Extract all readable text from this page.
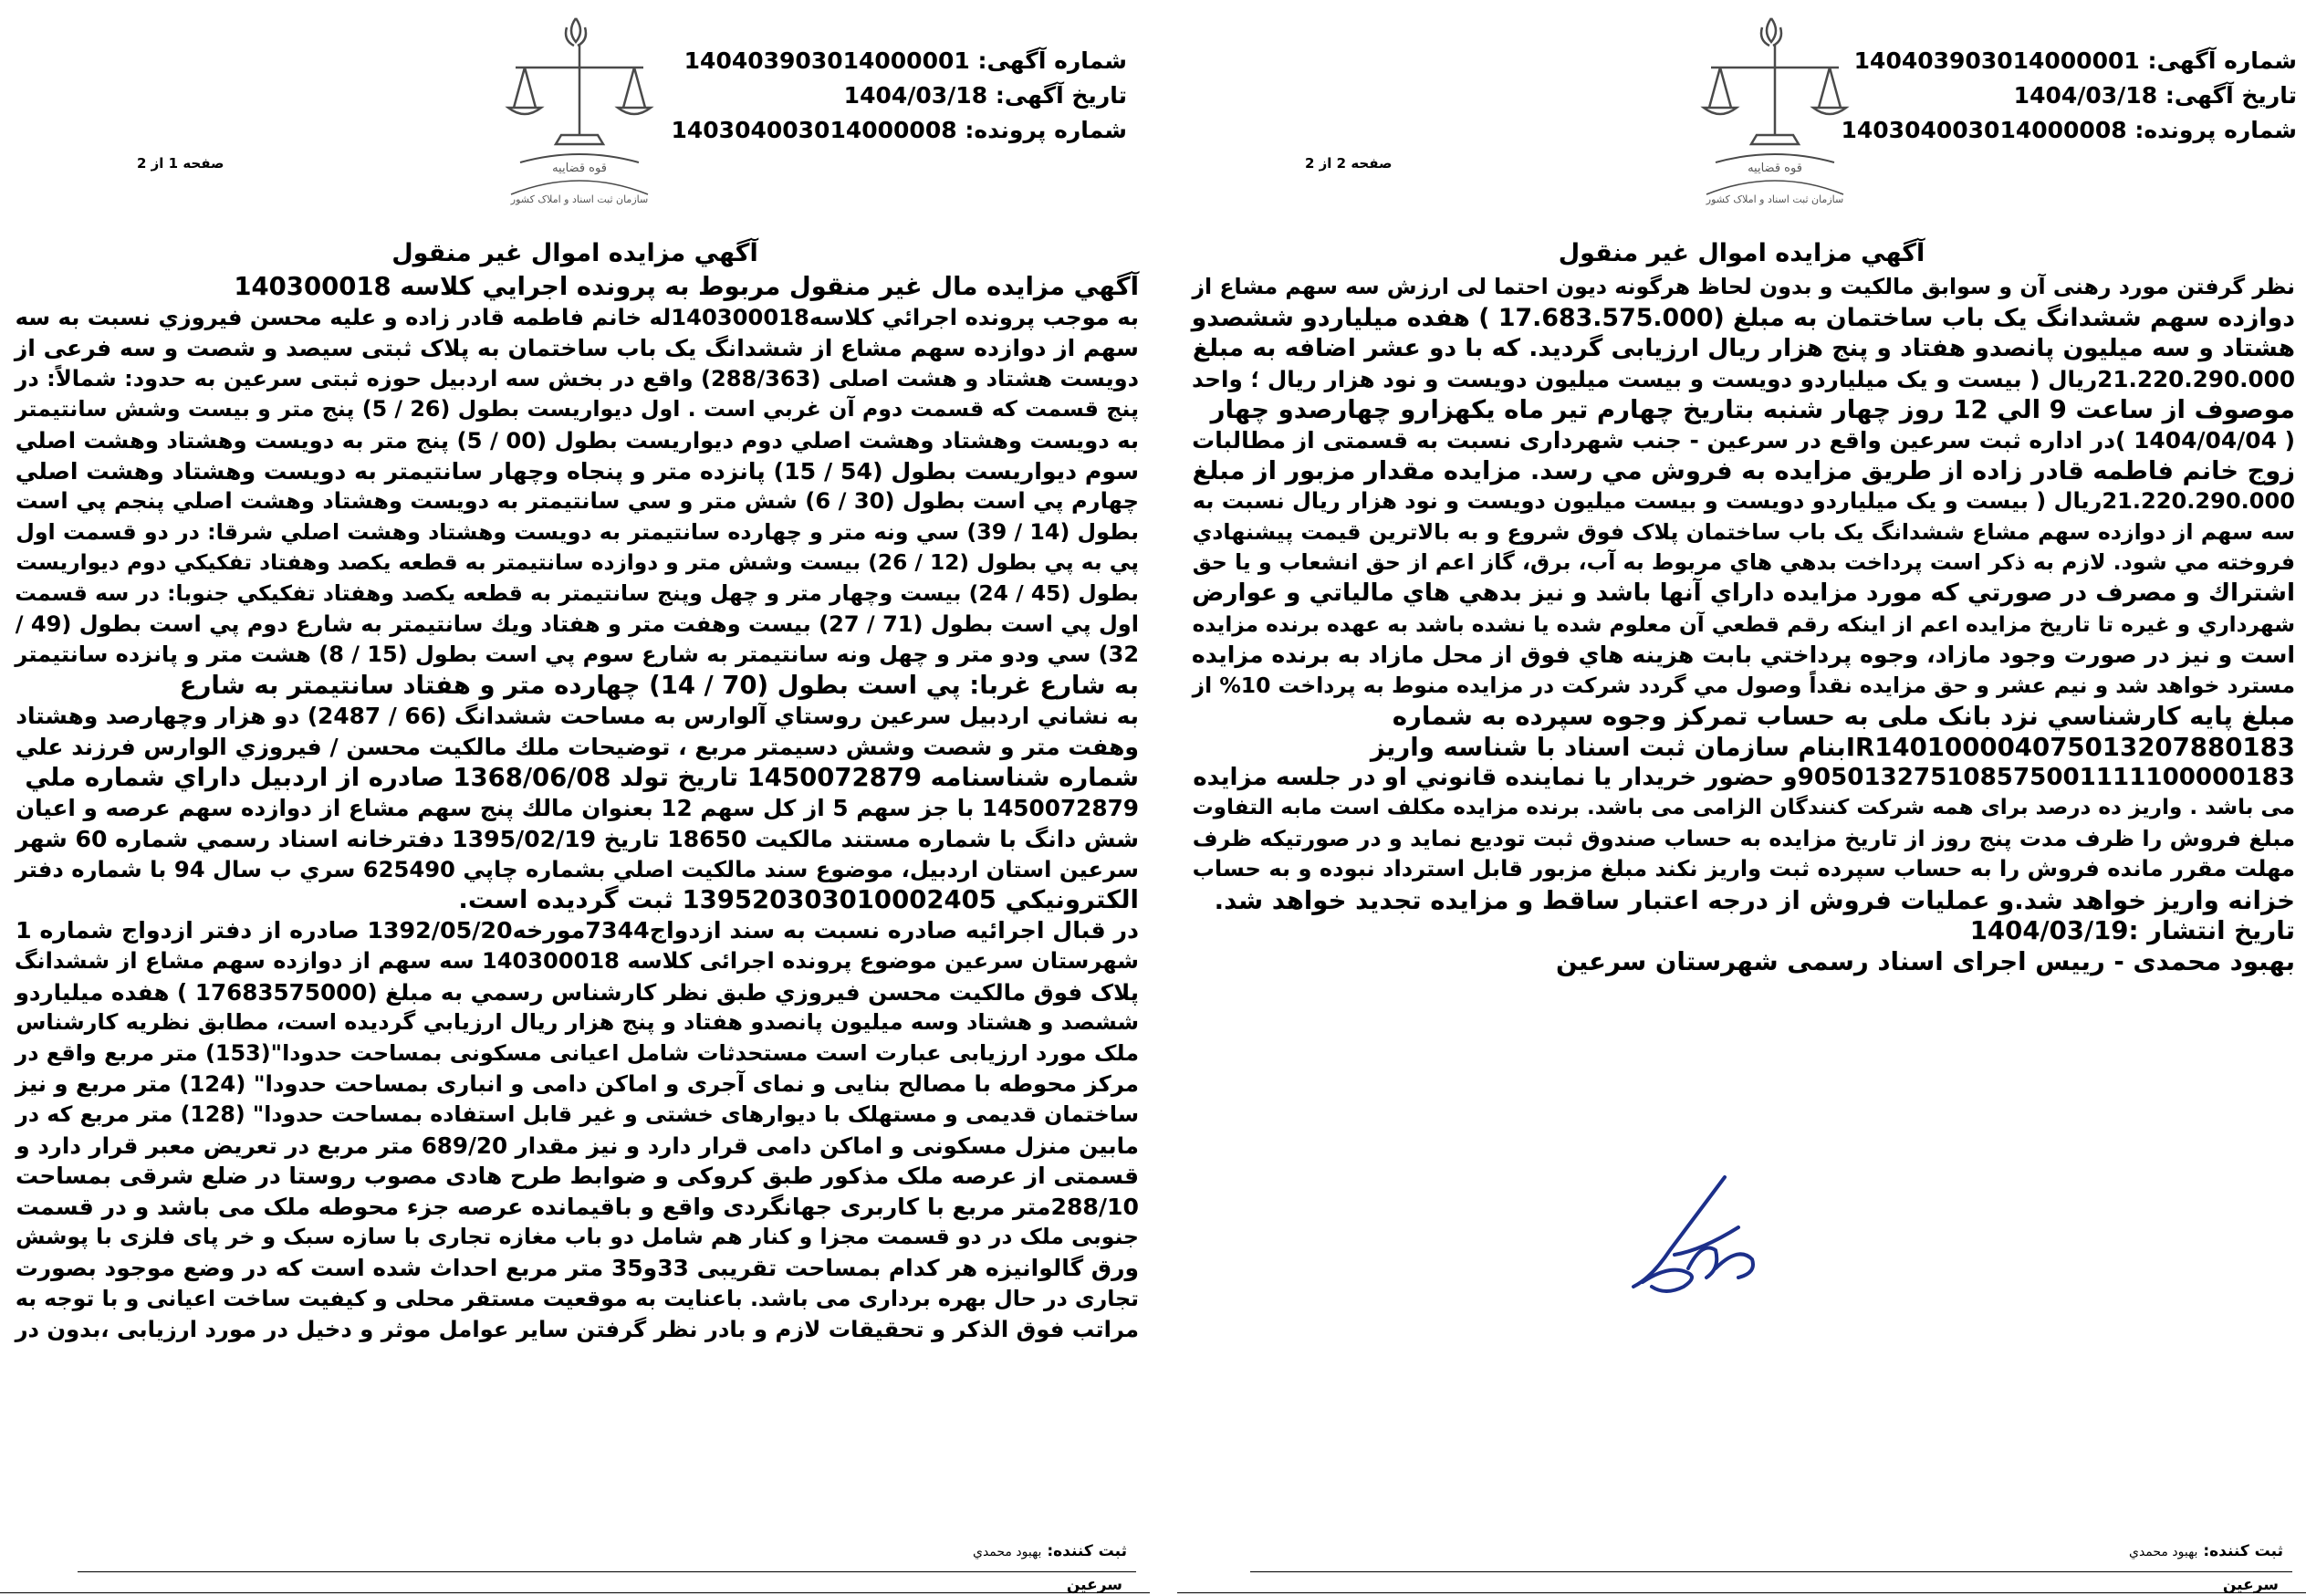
شماره آگهی: 140403903014000001
تاریخ آگهی: 1404/03/18
شماره پرونده: 140304003014000008
قوه قضاییه
سازمان ثبت اسناد و املاک کشور
صفحه 1 از 2
آگهي مزايده اموال غير منقول
آگهي مزايده مال غير منقول مربوط به پرونده اجرايي كلاسه 140300018
به موجب پرونده اجرائي كلاسه140300018له خانم فاطمه قادر زاده و عليه محسن فيروزي نسبت به سه
سهم از دوازده سهم مشاع از ششدانگ یک باب ساختمان به پلاک ثبتی سیصد و شصت و سه فرعی از
دویست هشتاد و هشت اصلی (288/363) واقع در بخش سه اردبیل حوزه ثبتی سرعین به حدود: شمالاً: در
پنج قسمت كه قسمت دوم آن غربي است . اول ديواريست بطول (26 / 5) پنج متر و بيست وشش سانتيمتر
به دويست وهشتاد وهشت اصلي دوم ديواريست بطول (00 / 5) پنج متر به دويست وهشتاد وهشت اصلي
سوم ديواريست بطول (54 / 15) پانزده متر و پنجاه وچهار سانتيمتر به دويست وهشتاد وهشت اصلي
چهارم پي است بطول (30 / 6) شش متر و سي سانتيمتر به دويست وهشتاد وهشت اصلي پنجم پي است
بطول (14 / 39) سي ونه متر و چهارده سانتيمتر به دويست وهشتاد وهشت اصلي شرقا: در دو قسمت اول
پي به پي بطول (12 / 26) بيست وشش متر و دوازده سانتيمتر به قطعه يكصد وهفتاد تفكيكي دوم ديواريست
بطول (45 / 24) بيست وچهار متر و چهل وپنج سانتيمتر به قطعه يكصد وهفتاد تفكيكي جنوبا: در سه قسمت
اول پي است بطول (71 / 27) بيست وهفت متر و هفتاد ويك سانتيمتر به شارع دوم پي است بطول (49 /
32) سي ودو متر و چهل ونه سانتيمتر به شارع سوم پي است بطول (15 / 8) هشت متر و پانزده سانتيمتر
به شارع غربا: پي است بطول (70 / 14) چهارده متر و هفتاد سانتيمتر به شارع
به نشاني اردبيل سرعين روستاي آلوارس به مساحت ششدانگ (66 / 2487) دو هزار وچهارصد وهشتاد
وهفت متر و شصت وشش دسيمتر مربع ، توضيحات ملك مالكيت محسن / فيروزي الوارس فرزند علي
شماره شناسنامه 1450072879 تاريخ تولد 1368/06/08 صادره از اردبيل داراي شماره ملي
1450072879 با جز سهم 5 از كل سهم 12 بعنوان مالك پنج سهم مشاع از دوازده سهم عرصه و اعيان
شش دانگ با شماره مستند مالكيت 18650 تاريخ 1395/02/19 دفترخانه اسناد رسمي شماره 60 شهر
سرعين استان اردبيل، موضوع سند مالكيت اصلي بشماره چاپي 625490 سري ب سال 94 با شماره دفتر
الكترونيكي 139520303010002405 ثبت گرديده است.
در قبال اجرائيه صادره نسبت به سند ازدواج7344مورخه1392/05/20 صادره از دفتر ازدواج شماره 1
شهرستان سرعين موضوع پرونده اجرائی كلاسه 140300018 سه سهم از دوازده سهم مشاع از ششدانگ
پلاک فوق مالكيت محسن فيروزي طبق نظر كارشناس رسمي به مبلغ (17683575000 ) هفده ميلياردو
ششصد و هشتاد وسه ميليون پانصدو هفتاد و پنج هزار ريال ارزيابي گرديده است، مطابق نظريه كارشناس
ملک مورد ارزيابی عبارت است مستحدثات شامل اعيانی مسكونی بمساحت حدودا"(153) متر مربع واقع در
مرکز محوطه با مصالح بنايی و نمای آجری و اماكن دامی و انباری بمساحت حدودا" (124) متر مربع و نيز
ساختمان قديمی و مستهلک با ديوارهای خشتی و غير قابل استفاده بمساحت حدودا" (128) متر مربع كه در
مابين منزل مسكونی و اماكن دامی قرار دارد و نيز مقدار 689/20 متر مربع در تعريض معبر قرار دارد و
قسمتی از عرصه ملک مذكور طبق كروكی و ضوابط طرح هادی مصوب روستا در ضلع شرقی بمساحت
288/10متر مربع با كاربری جهانگردی واقع و باقيمانده عرصه جزء محوطه ملک می باشد و در قسمت
جنوبی ملک در دو قسمت مجزا و كنار هم شامل دو باب مغازه تجاری با سازه سبک و خر پای فلزی با پوشش
ورق گالوانيزه هر كدام بمساحت تقريبی 33و35 متر مربع احداث شده است كه در وضع موجود بصورت
تجاری در حال بهره برداری می باشد. باعنايت به موقعيت مستقر محلی و كيفيت ساخت اعيانی و با توجه به
مراتب فوق الذكر و تحقيقات لازم و بادر نظر گرفتن ساير عوامل موثر و دخيل در مورد ارزيابی ،بدون در
ثبت کننده: بهبود محمدي
سرعين
شماره آگهی: 140403903014000001
تاریخ آگهی: 1404/03/18
شماره پرونده: 140304003014000008
قوه قضاییه
سازمان ثبت اسناد و املاک کشور
صفحه 2 از 2
آگهي مزايده اموال غير منقول
نظر گرفتن مورد رهنی آن و سوابق مالكيت و بدون لحاظ هرگونه ديون احتما لی ارزش سه سهم مشاع از
دوازده سهم ششدانگ يک باب ساختمان به مبلغ (17.683.575.000 ) هفده ميلياردو ششصدو
هشتاد و سه ميليون پانصدو هفتاد و پنج هزار ريال ارزيابی گرديد. كه با دو عشر اضافه به مبلغ
21.220.290.000ريال ( بيست و يک ميلياردو دويست و بيست ميليون دويست و نود هزار ريال ؛ واحد
موصوف از ساعت 9 الي 12 روز چهار شنبه بتاريخ چهارم تير ماه يكهزارو چهارصدو چهار
( 1404/04/04 )در اداره ثبت سرعين واقع در سرعين - جنب شهرداری نسبت به قسمتی از مطالبات
زوج خانم فاطمه قادر زاده از طريق مزايده به فروش مي رسد. مزايده مقدار مزبور از مبلغ
21.220.290.000ريال ( بيست و يک ميلياردو دويست و بيست ميليون دويست و نود هزار ريال نسبت به
سه سهم از دوازده سهم مشاع ششدانگ يک باب ساختمان پلاک فوق شروع و به بالاترين قيمت پيشنهادي
فروخته مي شود. لازم به ذكر است پرداخت بدهي هاي مربوط به آب، برق، گاز اعم از حق انشعاب و يا حق
اشتراك و مصرف در صورتي كه مورد مزايده داراي آنها باشد و نيز بدهي هاي مالياتي و عوارض
شهرداري و غيره تا تاريخ مزايده اعم از اينكه رقم قطعي آن معلوم شده يا نشده باشد به عهده برنده مزايده
است و نيز در صورت وجود مازاد، وجوه پرداختي بابت هزينه هاي فوق از محل مازاد به برنده مزايده
مسترد خواهد شد و نيم عشر و حق مزايده نقداً وصول مي گردد شركت در مزايده منوط به پرداخت 10% از
مبلغ پايه كارشناسي نزد بانک ملی به حساب تمركز وجوه سپرده به شماره
IR140100004075013207880183بنام سازمان ثبت اسناد با شناسه واريز
905013275108575001111100000183و حضور خريدار يا نماينده قانوني او در جلسه مزايده
می باشد . واريز ده درصد برای همه شركت كنندگان الزامی می باشد. برنده مزايده مكلف است مابه التفاوت
مبلغ فروش را ظرف مدت پنج روز از تاريخ مزايده به حساب صندوق ثبت توديع نمايد و در صورتيكه ظرف
مهلت مقرر مانده فروش را به حساب سپرده ثبت واريز نكند مبلغ مزبور قابل استرداد نبوده و به حساب
خزانه واريز خواهد شد.و عمليات فروش از درجه اعتبار ساقط و مزايده تجديد خواهد شد.
تاريخ انتشار :1404/03/19
بهبود محمدی - رييس اجرای اسناد رسمی شهرستان سرعين
ثبت کننده: بهبود محمدي
سرعين
